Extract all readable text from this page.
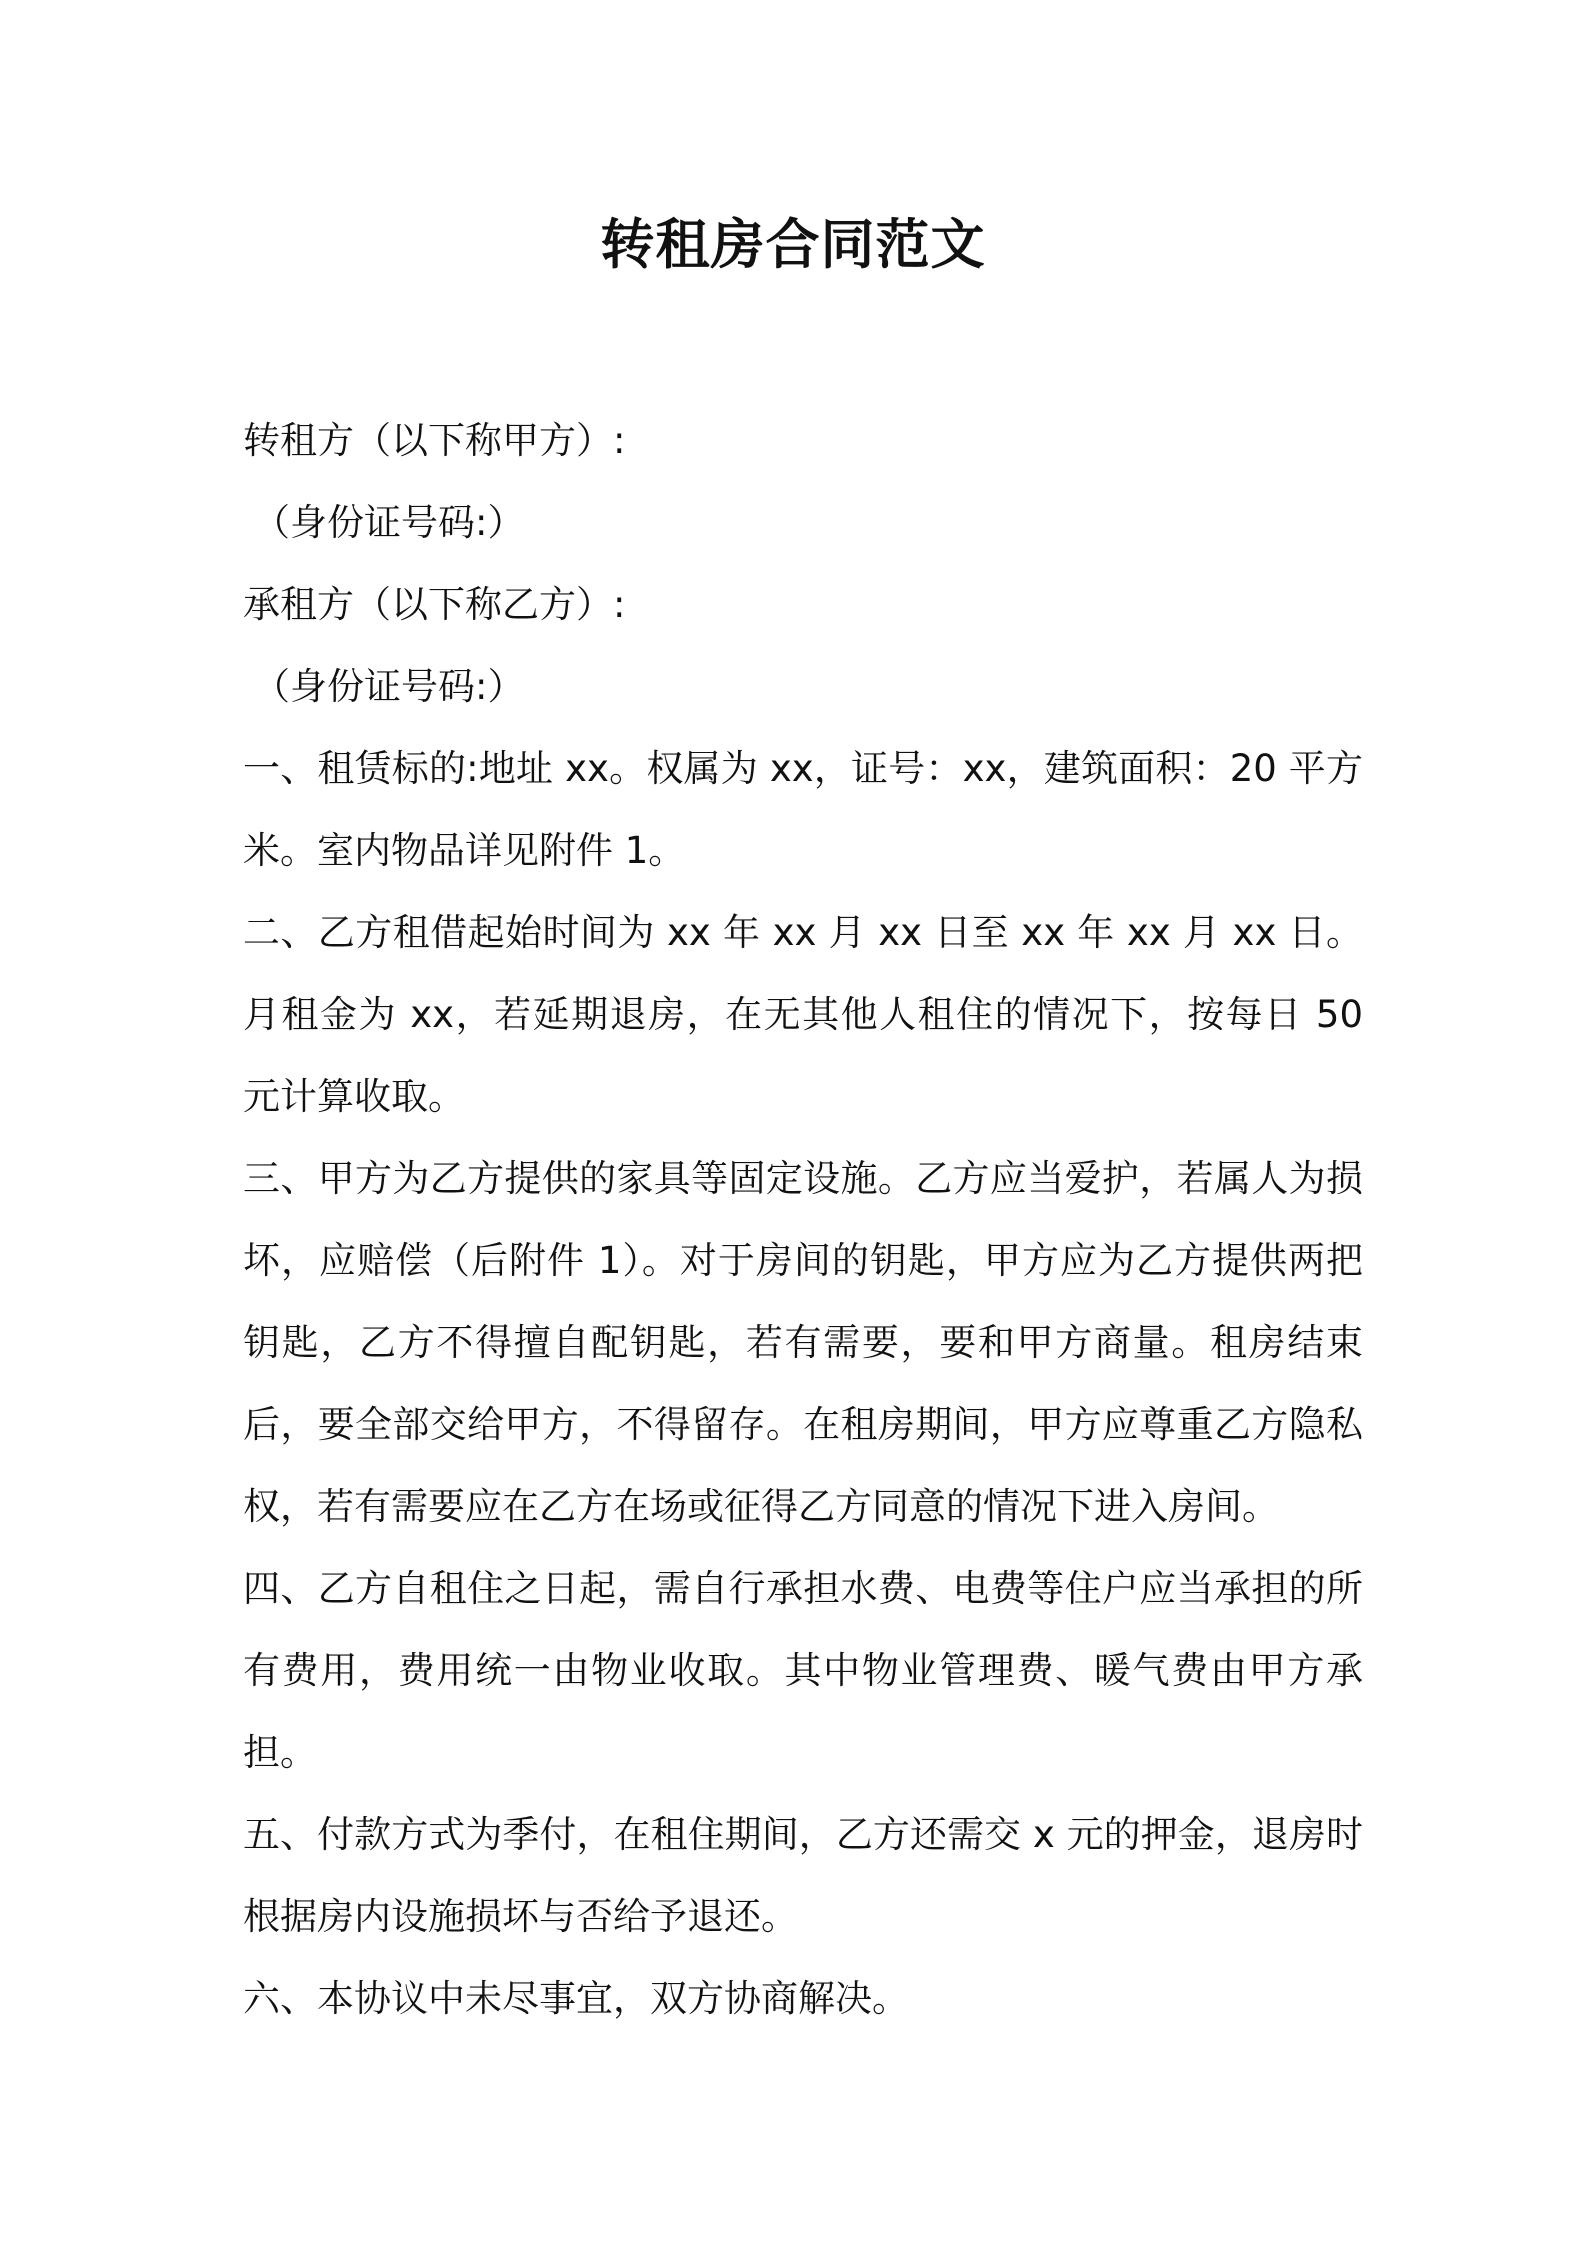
转租房合同范文

转租方（以下称甲方）:

（身份证号码:）

承租方（以下称乙方）:

（身份证号码:）

一、租赁标的:地址 xx。权属为 xx，证号：xx，建筑面积：20 平方米。室内物品详见附件 1。

二、乙方租借起始时间为 xx 年 xx 月 xx 日至 xx 年 xx 月 xx 日。月租金为 xx，若延期退房，在无其他人租住的情况下，按每日 50 元计算收取。

三、甲方为乙方提供的家具等固定设施。乙方应当爱护，若属人为损坏，应赔偿（后附件 1）。对于房间的钥匙，甲方应为乙方提供两把钥匙，乙方不得擅自配钥匙，若有需要，要和甲方商量。租房结束后，要全部交给甲方，不得留存。在租房期间，甲方应尊重乙方隐私权，若有需要应在乙方在场或征得乙方同意的情况下进入房间。

四、乙方自租住之日起，需自行承担水费、电费等住户应当承担的所有费用，费用统一由物业收取。其中物业管理费、暖气费由甲方承担。

五、付款方式为季付，在租住期间，乙方还需交 x 元的押金，退房时根据房内设施损坏与否给予退还。

六、本协议中未尽事宜，双方协商解决。
